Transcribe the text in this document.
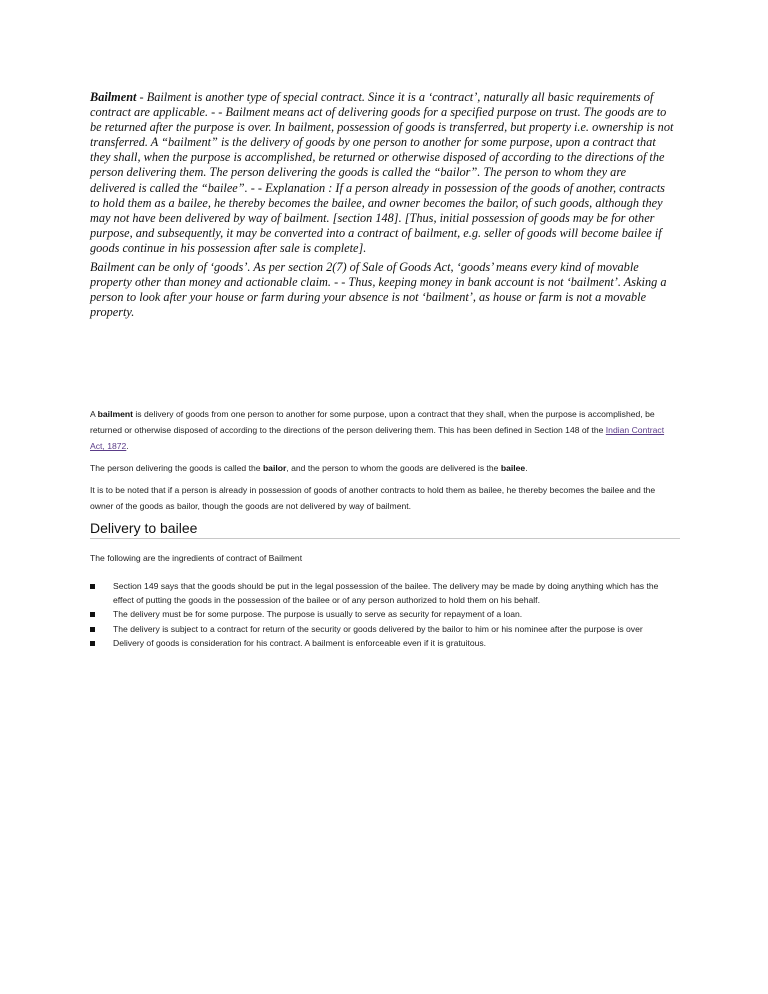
Bailment - Bailment is another type of special contract. Since it is a ‘contract’, naturally all basic requirements of contract are applicable. - - Bailment means act of delivering goods for a specified purpose on trust. The goods are to be returned after the purpose is over. In bailment, possession of goods is transferred, but property i.e. ownership is not transferred. A “bailment” is the delivery of goods by one person to another for some purpose, upon a contract that they shall, when the purpose is accomplished, be returned or otherwise disposed of according to the directions of the person delivering them. The person delivering the goods is called the “bailor”. The person to whom they are delivered is called the “bailee”. - - Explanation : If a person already in possession of the goods of another, contracts to hold them as a bailee, he thereby becomes the bailee, and owner becomes the bailor, of such goods, although they may not have been delivered by way of bailment. [section 148]. [Thus, initial possession of goods may be for other purpose, and subsequently, it may be converted into a contract of bailment, e.g. seller of goods will become bailee if goods continue in his possession after sale is complete].

Bailment can be only of ‘goods’. As per section 2(7) of Sale of Goods Act, ‘goods’ means every kind of movable property other than money and actionable claim. - - Thus, keeping money in bank account is not ‘bailment’. Asking a person to look after your house or farm during your absence is not ‘bailment’, as house or farm is not a movable property.

A bailment is delivery of goods from one person to another for some purpose, upon a contract that they shall, when the purpose is accomplished, be returned or otherwise disposed of according to the directions of the person delivering them. This has been defined in Section 148 of the Indian Contract Act, 1872.

The person delivering the goods is called the bailor, and the person to whom the goods are delivered is the bailee.

It is to be noted that if a person is already in possession of goods of another contracts to hold them as bailee, he thereby becomes the bailee and the owner of the goods as bailor, though the goods are not delivered by way of bailment.

Delivery to bailee

The following are the ingredients of contract of Bailment

Section 149 says that the goods should be put in the legal possession of the bailee. The delivery may be made by doing anything which has the effect of putting the goods in the possession of the bailee or of any person authorized to hold them on his behalf.
The delivery must be for some purpose. The purpose is usually to serve as security for repayment of a loan.
The delivery is subject to a contract for return of the security or goods delivered by the bailor to him or his nominee after the purpose is over
Delivery of goods is consideration for his contract. A bailment is enforceable even if it is gratuitous.
